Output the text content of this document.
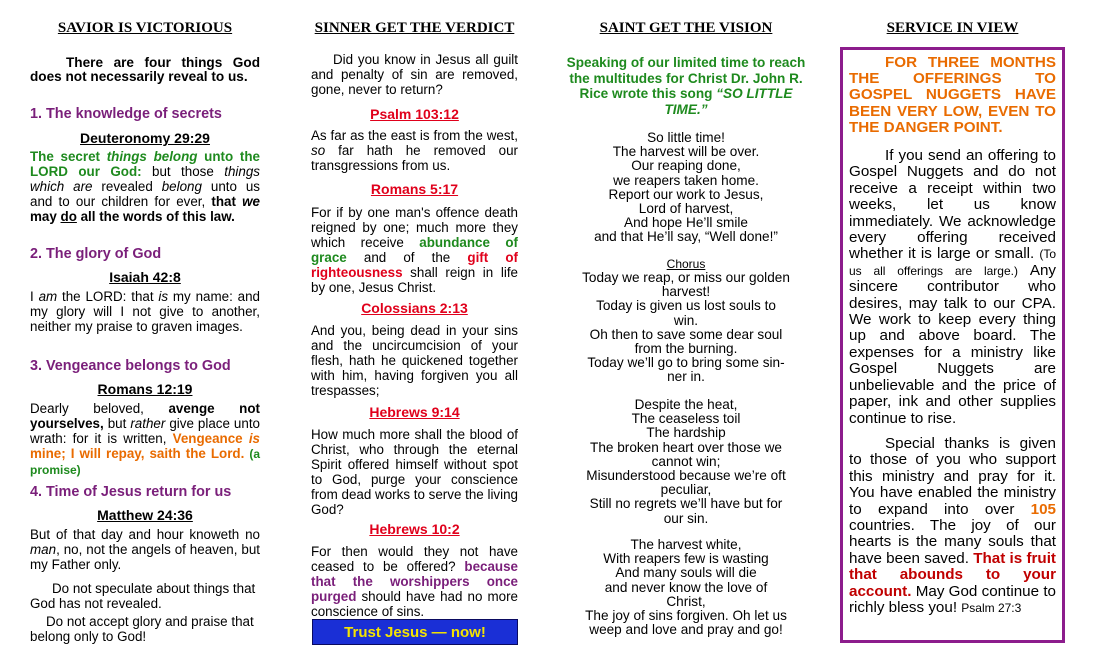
SAVIOR IS VICTORIOUS

There are four things God does not necessarily reveal to us.

1. The knowledge of secrets

Deuteronomy 29:29

The secret things belong unto the LORD our God: but those things which are revealed belong unto us and to our children for ever, that we may do all the words of this law.

2. The glory of God

Isaiah 42:8

I am the LORD: that is my name: and my glory will I not give to another, neither my praise to graven images.

3. Vengeance belongs to God

Romans 12:19

Dearly beloved, avenge not yourselves, but rather give place unto wrath: for it is written, Vengeance is mine; I will repay, saith the Lord. (a promise)

4. Time of Jesus return for us

Matthew 24:36

But of that day and hour knoweth no man, no, not the angels of heaven, but my Father only.

Do not speculate about things that God has not revealed.

Do not accept glory and praise that belong only to God!

SINNER GET THE VERDICT

Did you know in Jesus all guilt and penalty of sin are removed, gone, never to return?

Psalm 103:12

As far as the east is from the west, so far hath he removed our transgressions from us.

Romans 5:17

For if by one man's offence death reigned by one; much more they which receive abundance of grace and of the gift of righteousness shall reign in life by one, Jesus Christ.

Colossians 2:13

And you, being dead in your sins and the uncircumcision of your flesh, hath he quickened together with him, having forgiven you all trespasses;

Hebrews 9:14

How much more shall the blood of Christ, who through the eternal Spirit offered himself without spot to God, purge your conscience from dead works to serve the living God?

Hebrews 10:2

For then would they not have ceased to be offered? because that the worshippers once purged should have had no more conscience of sins.

Trust Jesus — now!
SAINT GET THE VISION

Speaking of our limited time to reach the multitudes for Christ Dr. John R. Rice wrote this song “SO LITTLE TIME.”

So little time!
The harvest will be over.
Our reaping done,
we reapers taken home.
Report our work to Jesus,
Lord of harvest,
And hope He’ll smile
and that He’ll say, “Well done!”

Chorus

Today we reap, or miss our golden
harvest!
Today is given us lost souls to
win.
Oh then to save some dear soul
from the burning.
Today we’ll go to bring some sin-
ner in.
Despite the heat,
The ceaseless toil
The hardship
The broken heart over those we
cannot win;
Misunderstood because we’re oft
peculiar,
Still no regrets we’ll have but for
our sin.
The harvest white,
With reapers few is wasting
And many souls will die
and never know the love of
Christ,
The joy of sins forgiven. Oh let us
weep and love and pray and go!
SERVICE IN VIEW

FOR THREE MONTHS THE OFFERINGS TO GOSPEL NUGGETS HAVE BEEN VERY LOW, EVEN TO THE DANGER POINT.

If you send an offering to Gospel Nuggets and do not receive a receipt within two weeks, let us know immediately. We acknowledge every offering received whether it is large or small. (To us all offerings are large.) Any sincere contributor who desires, may talk to our CPA. We work to keep every thing up and above board. The expenses for a ministry like Gospel Nuggets are unbelievable and the price of paper, ink and other supplies continue to rise.

Special thanks is given to those of you who support this ministry and pray for it. You have enabled the ministry to expand into over 105 countries. The joy of our hearts is the many souls that have been saved. That is fruit that abounds to your account. May God continue to richly bless you! Psalm 27:3
